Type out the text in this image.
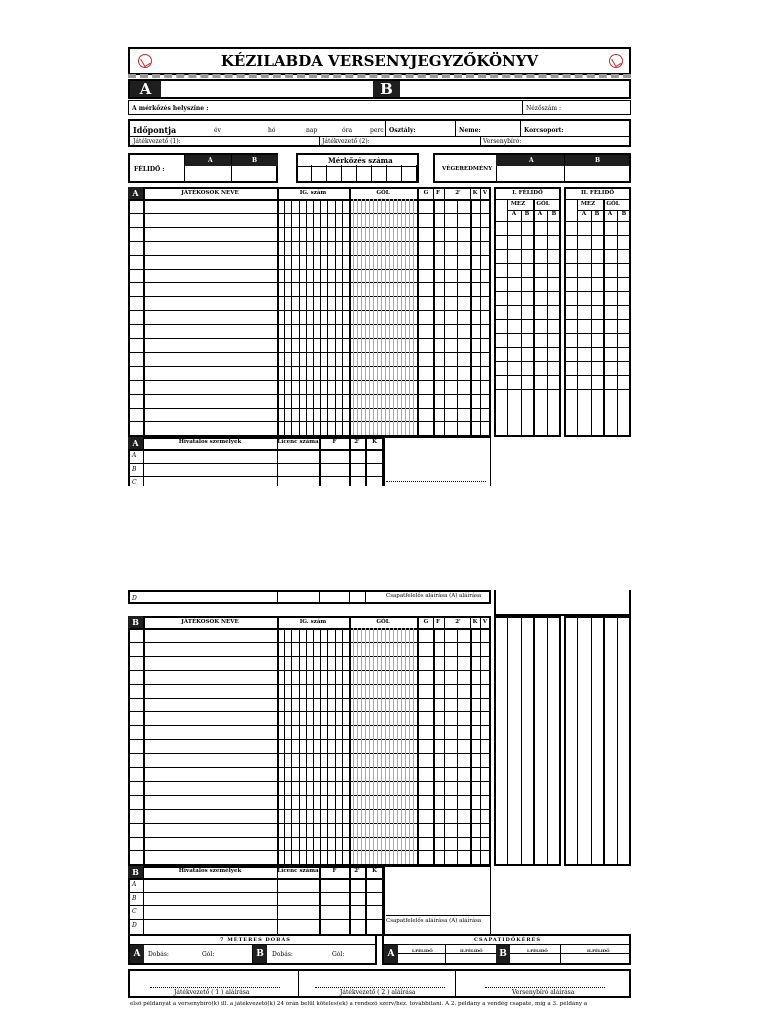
KÉZILABDA VERSENYJEGYZŐKÖNYV
A	B
A mérkőzés helyszíne :	Nézőszám :
Időpontja	év	hó	nap	óra	perc Osztály:	Neme:	Korcsoport:
Játékvezető (1):	Játékvezető (2):	Versenybíró:
FÉLIDŐ :
A	B	Mérkőzés száma
VÉGEREDMÉNY
A	B
A	JÁTÉKOSOK NEVE	IG. szám	GÓL	G	F	2'	K V	I. FÉLIDŐ
MEZ	GÓL
A	B	A	B
II. FÉLIDŐ
MEZ	GÓL
A	B	A	B
A	Hivatalos személyek	Licenc száma	F	2'	K
A
B
C
B	JÁTÉKOSOK NEVE	IG. szám	GÓL	G	F	2'	K V
B	Hivatalos személyek	Licenc száma	F	2'	K
A
B
C
D
Csapatfelelős aláírása (A) aláírása
7 MÉTERES DOBÁS
A	Dobás:	Gól:	B	Dobás:	Gól:
CSAPATIDŐKÉRÉS
A	I.FÉLIDŐ	II.FÉLIDŐ	B	I.FÉLIDŐ	II.FÉLIDŐ
Játékvezető ( 1 ) aláírása	Játékvezető ( 2 ) aláírása	Versenybíró aláírása
első példányát a versenybíró(k) ill. a játékvezető(k) 24 órán belül köteles(ek) a rendező szerv/hez. továbbítani. A 2. példány a vendég csapaté, míg a 3. példány a
D	Csapatfelelős aláírása (A) aláírása
